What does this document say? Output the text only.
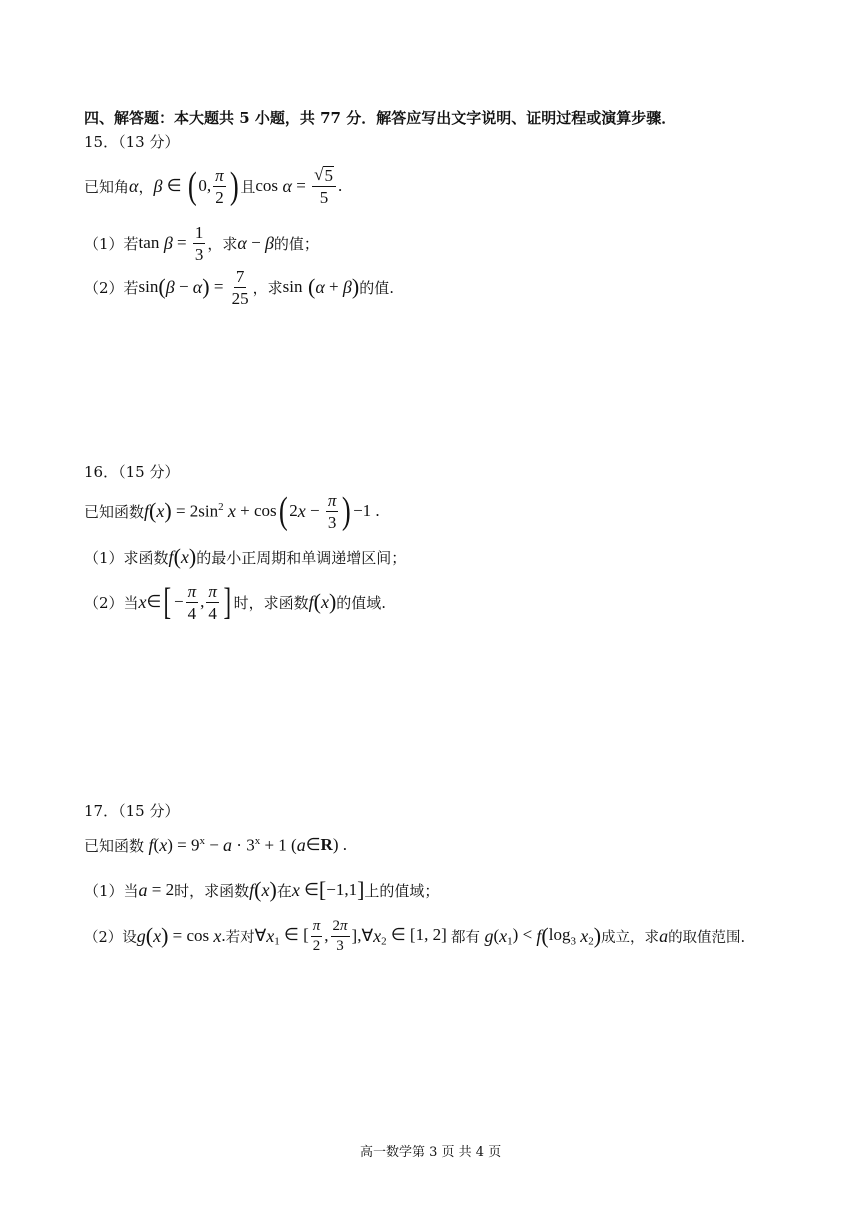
四、解答题：本大题共 5 小题，共 77 分．解答应写出文字说明、证明过程或演算步骤．
15．（13 分）
已知角 α ， β ∈ ( 0, $\frac{\pi}{2}$ ) 且 $\cos \alpha = \frac{√ 5}{5}$ .
（1）若 $\tan \beta = \frac{1}{3}$ ，求 α − β 的值；
（2）若 sin ( β − α ) = $\frac{7}{25}$ ，求 sin ( α + β ) 的值.
16．（15 分）
已知函数 f ( x ) = $2\sin^2$ x + cos ( 2 $x - \frac{\pi}{3}$ ) −1 .
（1）求函数 f ( x ) 的最小正周期和单调递增区间；
（2）当 x ∈ [ − $\frac{\pi}{4}$ , $\frac{\pi}{4}$ ] 时，求函数 f ( x ) 的值域.
17．（15 分）
已知函数 f ( x ) = $9^x - a \cdot 3^x + 1$ ( a ∈R) .
（1）当 a = 2 时，求函数 f ( x ) 在 x ∈ [ −1,1 ] 上的值域；
（2）设 g ( x ) = cos x . 若对 ∀ x $_1$ ∈ [ $\frac{\pi}{2}$ , $\frac{2\pi}{3}$ ],∀ x $_2$ ∈ [1, 2] 都有 g ( x $_1$) < f ( $\log_3 x$ $_2$ ) 成立，求 a 的取值范围.
高一数学第 3 页 共 4 页
